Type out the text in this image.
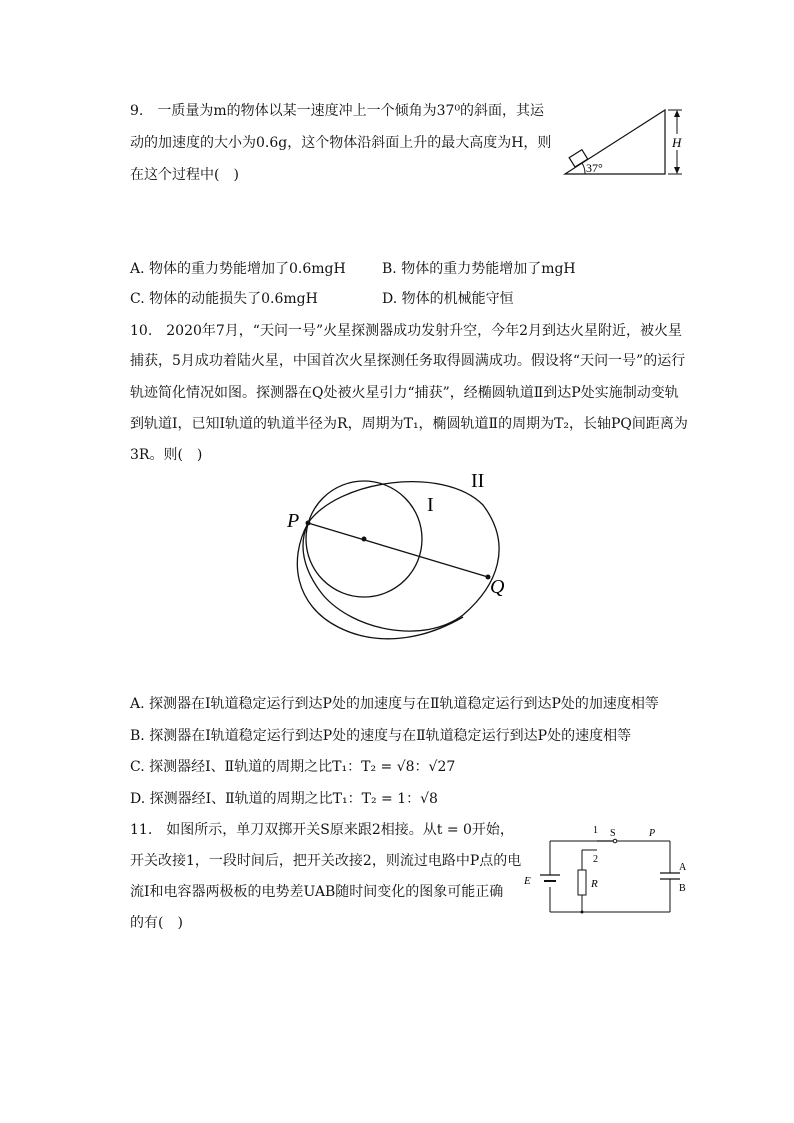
9.　一质量为m的物体以某一速度冲上一个倾角为37⁰的斜面，其运
动的加速度的大小为0.6g，这个物体沿斜面上升的最大高度为H，则
在这个过程中(　)	37°
H
A. 物体的重力势能增加了0.6mgH	B. 物体的重力势能增加了mgH
C. 物体的动能损失了0.6mgH	D. 物体的机械能守恒
10.　2020年7月，“天问一号”火星探测器成功发射升空，今年2月到达火星附近，被火星
捕获，5月成功着陆火星，中国首次火星探测任务取得圆满成功。假设将“天问一号”的运行
轨迹简化情况如图。探测器在Q处被火星引力“捕获”，经椭圆轨道Ⅱ到达P处实施制动变轨
到轨道Ⅰ，已知Ⅰ轨道的轨道半径为R，周期为T₁，椭圆轨道Ⅱ的周期为T₂，长轴PQ间距离为
3R。则(　)
P
Q
I
II
A. 探测器在Ⅰ轨道稳定运行到达P处的加速度与在Ⅱ轨道稳定运行到达P处的加速度相等
B. 探测器在Ⅰ轨道稳定运行到达P处的速度与在Ⅱ轨道稳定运行到达P处的速度相等
C. 探测器经Ⅰ、Ⅱ轨道的周期之比T₁：T₂ = √8：√27
D. 探测器经Ⅰ、Ⅱ轨道的周期之比T₁：T₂ = 1：√8
11.　如图所示，单刀双掷开关S原来跟2相接。从t = 0开始，
开关改接1，一段时间后，把开关改接2，则流过电路中P点的电
流I和电容器两极板的电势差UAB随时间变化的图象可能正确
的有(　)
E
1 S	P
2
R
A
B
